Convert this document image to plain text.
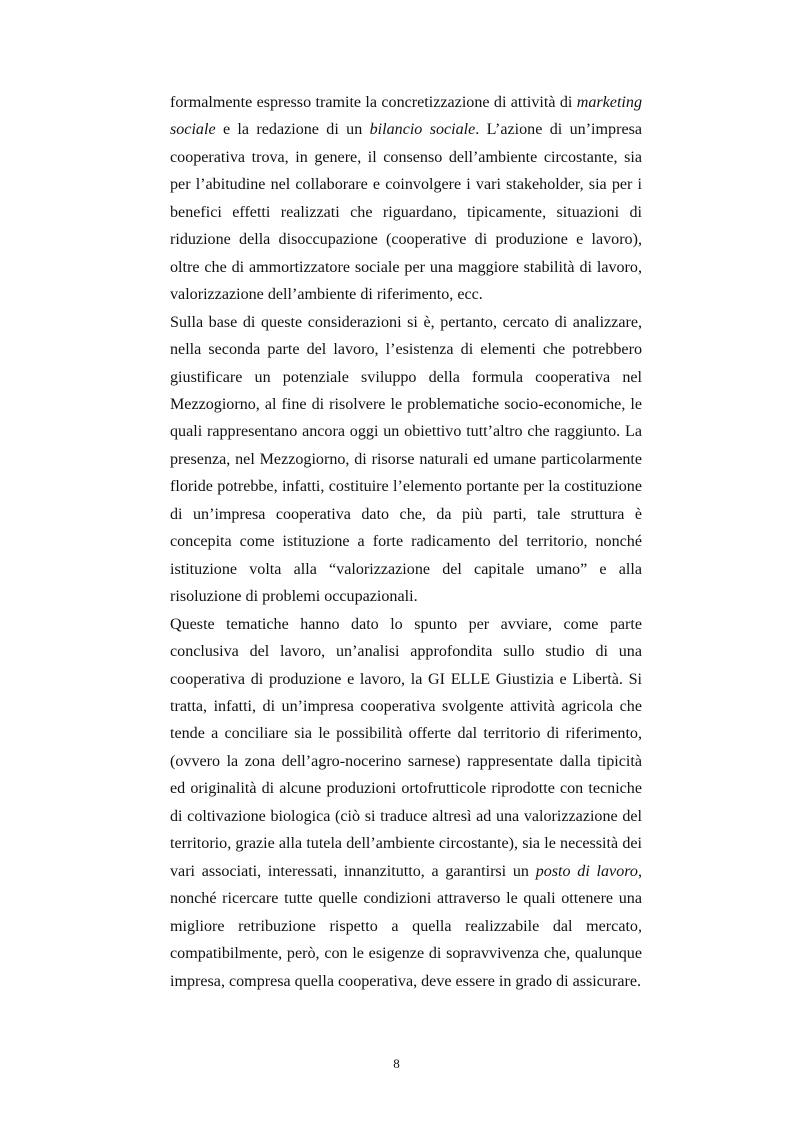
formalmente espresso tramite la concretizzazione di attività di marketing sociale e la redazione di un bilancio sociale. L’azione di un’impresa cooperativa trova, in genere, il consenso dell’ambiente circostante, sia per l’abitudine nel collaborare e coinvolgere i vari stakeholder, sia per i benefici effetti realizzati che riguardano, tipicamente, situazioni di riduzione della disoccupazione (cooperative di produzione e lavoro), oltre che di ammortizzatore sociale per una maggiore stabilità di lavoro, valorizzazione dell’ambiente di riferimento, ecc.

Sulla base di queste considerazioni si è, pertanto, cercato di analizzare, nella seconda parte del lavoro, l’esistenza di elementi che potrebbero giustificare un potenziale sviluppo della formula cooperativa nel Mezzogiorno, al fine di risolvere le problematiche socio-economiche, le quali rappresentano ancora oggi un obiettivo tutt’altro che raggiunto. La presenza, nel Mezzogiorno, di risorse naturali ed umane particolarmente floride potrebbe, infatti, costituire l’elemento portante per la costituzione di un’impresa cooperativa dato che, da più parti, tale struttura è concepita come istituzione a forte radicamento del territorio, nonché istituzione volta alla “valorizzazione del capitale umano” e alla risoluzione di problemi occupazionali.

Queste tematiche hanno dato lo spunto per avviare, come parte conclusiva del lavoro, un’analisi approfondita sullo studio di una cooperativa di produzione e lavoro, la GI ELLE Giustizia e Libertà. Si tratta, infatti, di un’impresa cooperativa svolgente attività agricola che tende a conciliare sia le possibilità offerte dal territorio di riferimento, (ovvero la zona dell’agro-nocerino sarnese) rappresentate dalla tipicità ed originalità di alcune produzioni ortofrutticole riprodotte con tecniche di coltivazione biologica (ciò si traduce altresì ad una valorizzazione del territorio, grazie alla tutela dell’ambiente circostante), sia le necessità dei vari associati, interessati, innanzitutto, a garantirsi un posto di lavoro, nonché ricercare tutte quelle condizioni attraverso le quali ottenere una migliore retribuzione rispetto a quella realizzabile dal mercato, compatibilmente, però, con le esigenze di sopravvivenza che, qualunque impresa, compresa quella cooperativa, deve essere in grado di assicurare.

8
